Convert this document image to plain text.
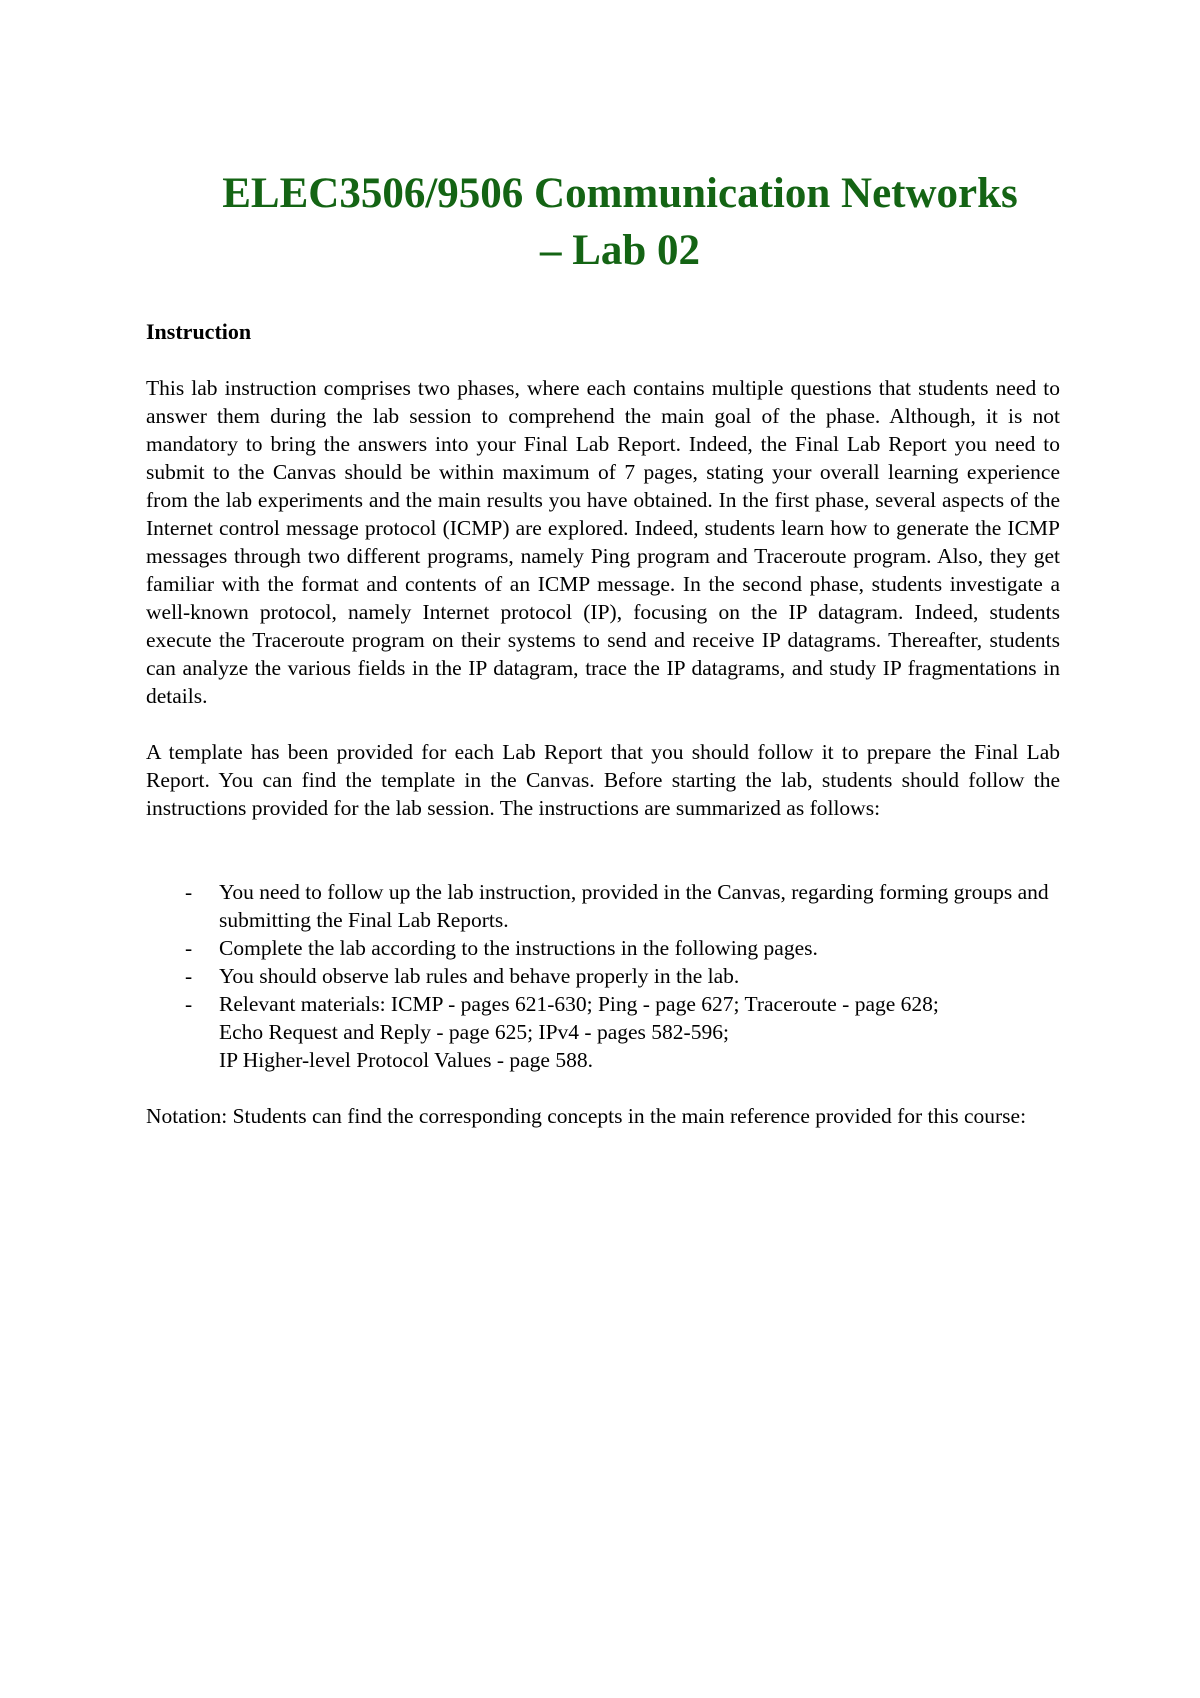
ELEC3506/9506 Communication Networks
– Lab 02

Instruction

This lab instruction comprises two phases, where each contains multiple questions that students need to answer them during the lab session to comprehend the main goal of the phase. Although, it is not mandatory to bring the answers into your Final Lab Report. Indeed, the Final Lab Report you need to submit to the Canvas should be within maximum of 7 pages, stating your overall learning experience from the lab experiments and the main results you have obtained. In the first phase, several aspects of the Internet control message protocol (ICMP) are explored. Indeed, students learn how to generate the ICMP messages through two different programs, namely Ping program and Traceroute program. Also, they get familiar with the format and contents of an ICMP message. In the second phase, students investigate a well-known protocol, namely Internet protocol (IP), focusing on the IP datagram. Indeed, students execute the Traceroute program on their systems to send and receive IP datagrams. Thereafter, students can analyze the various fields in the IP datagram, trace the IP datagrams, and study IP fragmentations in details.

A template has been provided for each Lab Report that you should follow it to prepare the Final Lab Report. You can find the template in the Canvas. Before starting the lab, students should follow the instructions provided for the lab session. The instructions are summarized as follows:

- You need to follow up the lab instruction, provided in the Canvas, regarding forming groups and submitting the Final Lab Reports.
- Complete the lab according to the instructions in the following pages.
- You should observe lab rules and behave properly in the lab.
- Relevant materials: ICMP - pages 621-630; Ping - page 627; Traceroute - page 628;
Echo Request and Reply - page 625; IPv4 - pages 582-596;
IP Higher-level Protocol Values - page 588.

Notation: Students can find the corresponding concepts in the main reference provided for this course:
